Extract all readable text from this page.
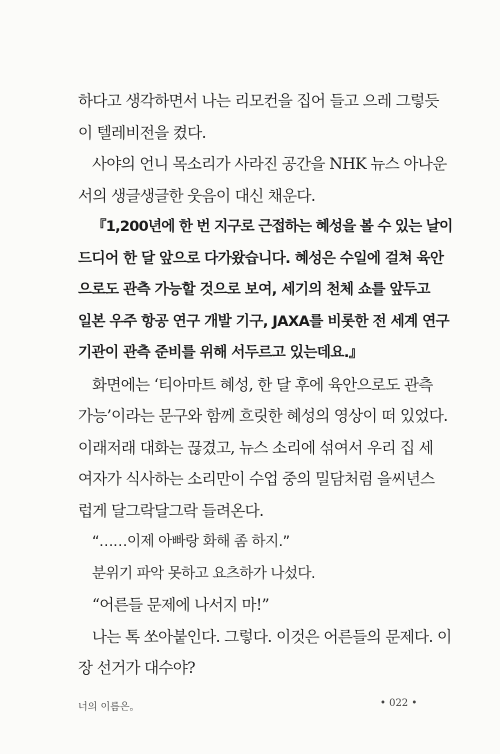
하다고 생각하면서 나는 리모컨을 집어 들고 으레 그렇듯
이 텔레비전을 켰다.
사야의 언니 목소리가 사라진 공간을 NHK 뉴스 아나운
서의 생글생글한 웃음이 대신 채운다.
『1,200년에 한 번 지구로 근접하는 혜성을 볼 수 있는 날이
드디어 한 달 앞으로 다가왔습니다. 혜성은 수일에 걸쳐 육안
으로도 관측 가능할 것으로 보여, 세기의 천체 쇼를 앞두고
일본 우주 항공 연구 개발 기구, JAXA를 비롯한 전 세계 연구
기관이 관측 준비를 위해 서두르고 있는데요.』
화면에는 ‘티아마트 혜성, 한 달 후에 육안으로도 관측
가능’이라는 문구와 함께 흐릿한 혜성의 영상이 떠 있었다.
이래저래 대화는 끊겼고, 뉴스 소리에 섞여서 우리 집 세
여자가 식사하는 소리만이 수업 중의 밀담처럼 을씨년스
럽게 달그락달그락 들려온다.
“……이제 아빠랑 화해 좀 하지.”
분위기 파악 못하고 요츠하가 나섰다.
“어른들 문제에 나서지 마!”
나는 톡 쏘아붙인다. 그렇다. 이것은 어른들의 문제다. 이
장 선거가 대수야?
너의 이름은。	• 022 •
